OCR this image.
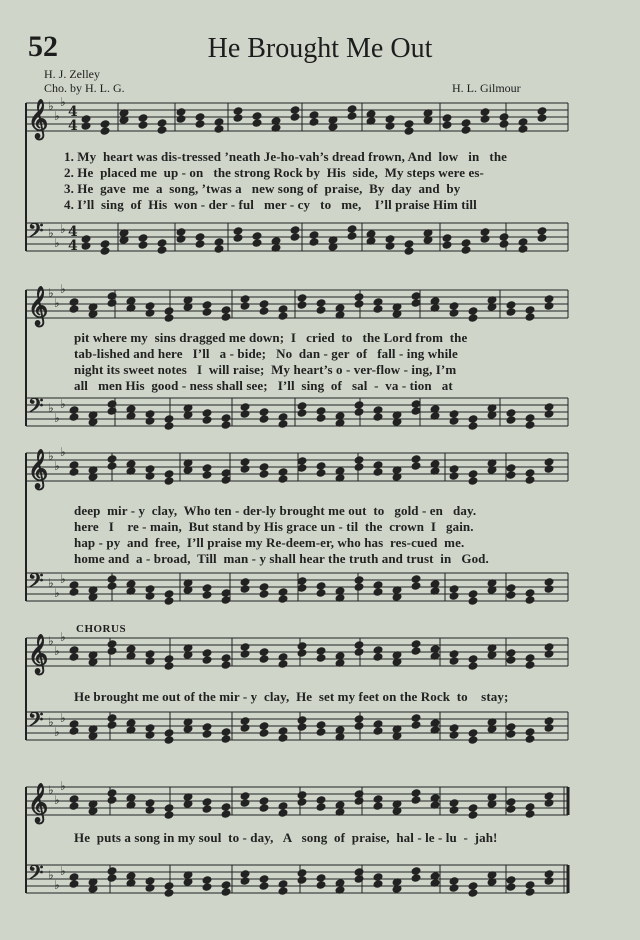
52	He Brought Me Out
H. J. Zelley
Cho. by H. L. G.	H. L. Gilmour
𝄞 ♭
♭
♭
4
4
𝄢 ♭
♭
♭ 4
4
1. My  heart was dis-tressed ’neath Je-ho-vah’s dread frown, And  low   in   the
2. He  placed me  up - on   the strong Rock by  His  side,  My steps were es-
3. He  gave  me  a  song, ’twas a   new song of  praise,  By  day  and  by
4. I’ll  sing  of  His  won - der - ful   mer - cy   to   me,    I’ll praise Him till
𝄞 ♭
♭
♭
𝄢 ♭
♭
♭
pit where my  sins dragged me down;  I   cried  to   the Lord from  the
tab-lished and here   I’ll   a - bide;   No  dan - ger  of   fall - ing while
night its sweet notes   I  will raise;  My heart’s o - ver-flow - ing, I’m
all   men His  good - ness shall see;   I’ll  sing  of   sal  -  va - tion   at
𝄞 ♭
♭
♭
𝄢 ♭
♭
♭
deep  mir - y  clay,  Who ten - der-ly brought me out  to   gold - en   day.
here   I    re - main,  But stand by His grace un - til  the  crown  I   gain.
hap - py  and  free,  I’ll praise my Re-deem-er, who has  res-cued  me.
home and  a - broad,  Till  man - y shall hear the truth and trust  in   God.
CHORUS
𝄞 ♭
♭
♭
𝄢 ♭
♭
♭
He brought me out of the mir - y  clay,  He  set my feet on the Rock  to    stay;
𝄞 ♭
♭
♭
𝄢 ♭
♭
♭
He  puts a song in my soul  to - day,   A   song  of  praise,  hal - le - lu  -  jah!
